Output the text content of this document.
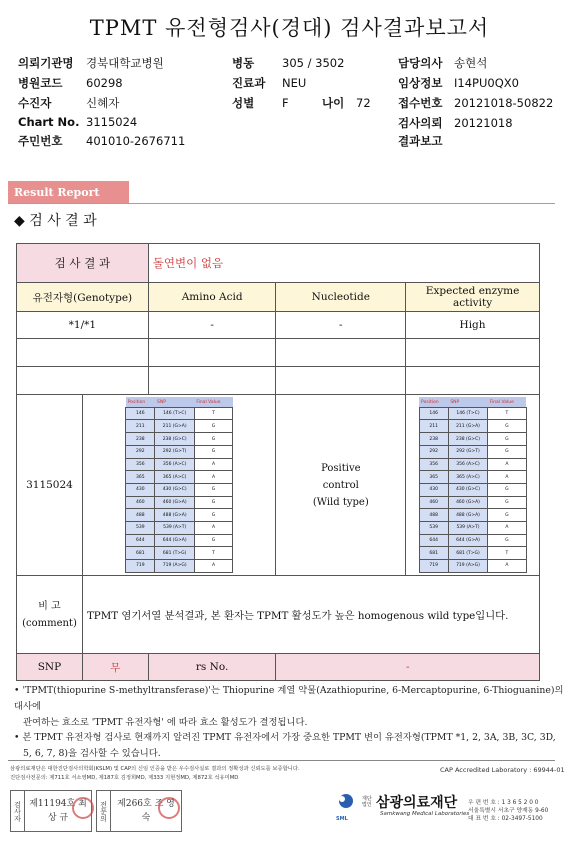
TPMT 유전형검사(경대) 검사결과보고서
의뢰기관명 경북대학교병원
병원코드 60298
수진자	신혜자
Chart No. 3115024
주민번호 401010-2676711
병동 305 / 3502
진료과 NEU
성별 F	나이 72
담당의사 송현석
임상정보 I14PU0QX0
접수번호 20121018-50822
검사의뢰 20121018
결과보고
Result Report
◆ 검 사 결 과
검 사 결 과	돌연변이 없음
유전자형(Genotype)	Amino Acid	Nucleotide	Expected enzyme activity
*1/*1	-	-	High

3115024	
Position	SNP	Final Value
146	146 (T>C)	T
211	211 (G>A)	G
238	238 (G>C)	G
292	292 (G>T)	G
356	356 (A>C)	A
365	365 (A>C)	A
430	430 (G>C)	G
460	460 (G>A)	G
488	488 (G>A)	G
539	539 (A>T)	A
644	644 (G>A)	G
681	681 (T>G)	T
719	719 (A>G)	A
	Positive
control
(Wild type)	
Position	SNP	Final Value
146	146 (T>C)	T
211	211 (G>A)	G
238	238 (G>C)	G
292	292 (G>T)	G
356	356 (A>C)	A
365	365 (A>C)	A
430	430 (G>C)	G
460	460 (G>A)	G
488	488 (G>A)	G
539	539 (A>T)	A
644	644 (G>A)	G
681	681 (T>G)	T
719	719 (A>G)	A

비 고
(comment)	TPMT 염기서열 분석결과, 본 환자는 TPMT 활성도가 높은 homogenous wild type입니다.
SNP	무	rs No.	-
• 'TPMT(thiopurine S-methyltransferase)'는 Thiopurine 계열 약물(Azathiopurine, 6-Mercaptopurine, 6-Thioguanine)의 대사에
관여하는 효소로 'TPMT 유전자형' 에 따라 효소 활성도가 결정됩니다.
• 본 TPMT 유전자형 검사로 현재까지 알려진 TPMT 유전자에서 가장 중요한 TPMT 변이 유전자형(TPMT *1, 2, 3A, 3B, 3C, 3D,
5, 6, 7, 8)을 검사할 수 있습니다.
삼광의료재단은 대한진단검사의학회(KSLM) 및 CAP의 신임 인증을 받은 우수검사실로 결과의 정확성과 신뢰도를 보증합니다.
진단검사전문의: 제711호 서소영MD, 제187호 김정희MD, 제333 지현정MD, 제872호 석유미MD
CAP Accredited Laboratory : 69944-01
검사자 제11194호 최 상 규	전문의	제266호 조 영 숙	SML
재단법인 삼광의료재단
Samkwang Medical Laboratories
우 편 번 호 : 1 3 6 5 2 0 0
서울특별시 서초구 양재동 9-60
대 표 번 호 : 02-3497-5100
